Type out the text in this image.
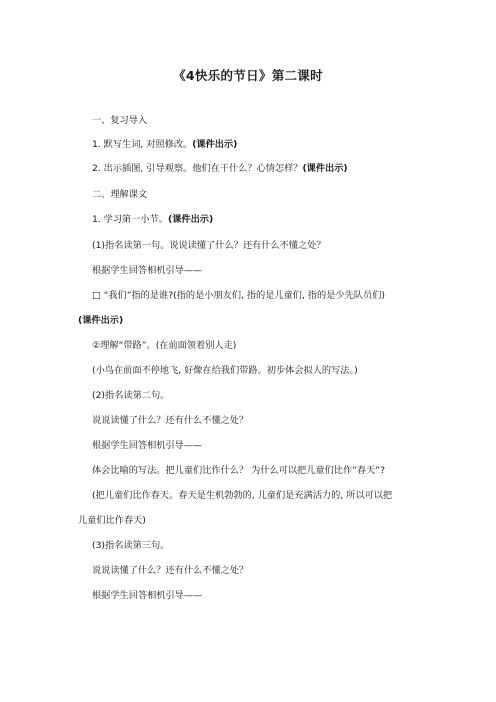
《4快乐的节日》第二课时
一、复习导入
1. 默写生词, 对照修改。(课件出示)
2. 出示插图, 引导观察。他们在干什么？心情怎样？(课件出示)
二、理解课文
1. 学习第一小节。(课件出示)
(1)指名读第一句。说说读懂了什么？还有什么不懂之处？
根据学生回答相机引导——
□ “我们”指的是谁?(指的是小朋友们, 指的是儿童们, 指的是少先队员们)
(课件出示)
②理解“带路”。(在前面领着别人走)
(小鸟在前面不停地飞, 好像在给我们带路。初步体会拟人的写法。)
(2)指名读第二句。
说说读懂了什么？还有什么不懂之处？
根据学生回答相机引导——
体会比喻的写法。把儿童们比作什么？ 为什么可以把儿童们比作“春天”?
(把儿童们比作春天。春天是生机勃勃的, 儿童们是充满活力的, 所以可以把
儿童们比作春天)
(3)指名读第三句。
说说读懂了什么？还有什么不懂之处？
根据学生回答相机引导——
